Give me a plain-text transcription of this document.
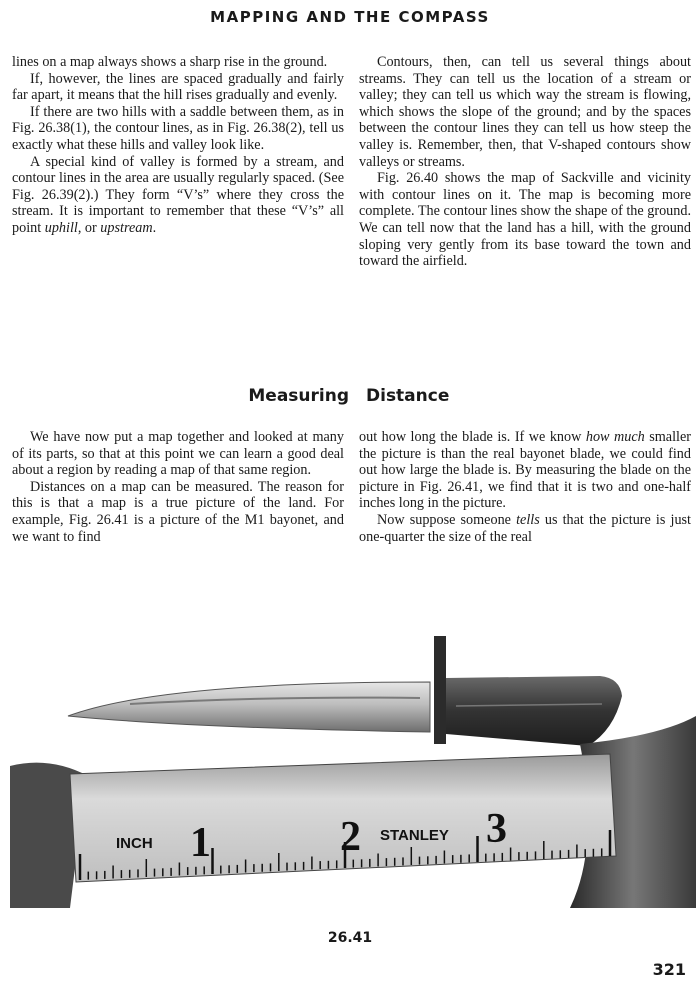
MAPPING AND THE COMPASS

lines on a map always shows a sharp rise in the ground.

If, however, the lines are spaced gradually and fairly far apart, it means that the hill rises gradually and evenly.

If there are two hills with a saddle between them, as in Fig. 26.38(1), the contour lines, as in Fig. 26.38(2), tell us exactly what these hills and valley look like.

A special kind of valley is formed by a stream, and contour lines in the area are usually regularly spaced. (See Fig. 26.39(2).) They form “V’s” where they cross the stream. It is important to remember that these “V’s” all point uphill, or upstream.

Contours, then, can tell us several things about streams. They can tell us the location of a stream or valley; they can tell us which way the stream is flowing, which shows the slope of the ground; and by the spaces between the contour lines they can tell us how steep the valley is. Remember, then, that V-shaped contours show valleys or streams.

Fig. 26.40 shows the map of Sackville and vicinity with contour lines on it. The map is becoming more complete. The contour lines show the shape of the ground. We can tell now that the land has a hill, with the ground sloping very gently from its base toward the town and toward the airfield.

Measuring Distance

We have now put a map together and looked at many of its parts, so that at this point we can learn a good deal about a region by reading a map of that same region.

Distances on a map can be measured. The reason for this is that a map is a true picture of the land. For example, Fig. 26.41 is a picture of the M1 bayonet, and we want to find

out how long the blade is. If we know how much smaller the picture is than the real bayonet blade, we could find out how large the blade is. By measuring the blade on the picture in Fig. 26.41, we find that it is two and one-half inches long in the picture.

Now suppose someone tells us that the picture is just one-quarter the size of the real

INCH 1	2 STANLEY 3
26.41
321
